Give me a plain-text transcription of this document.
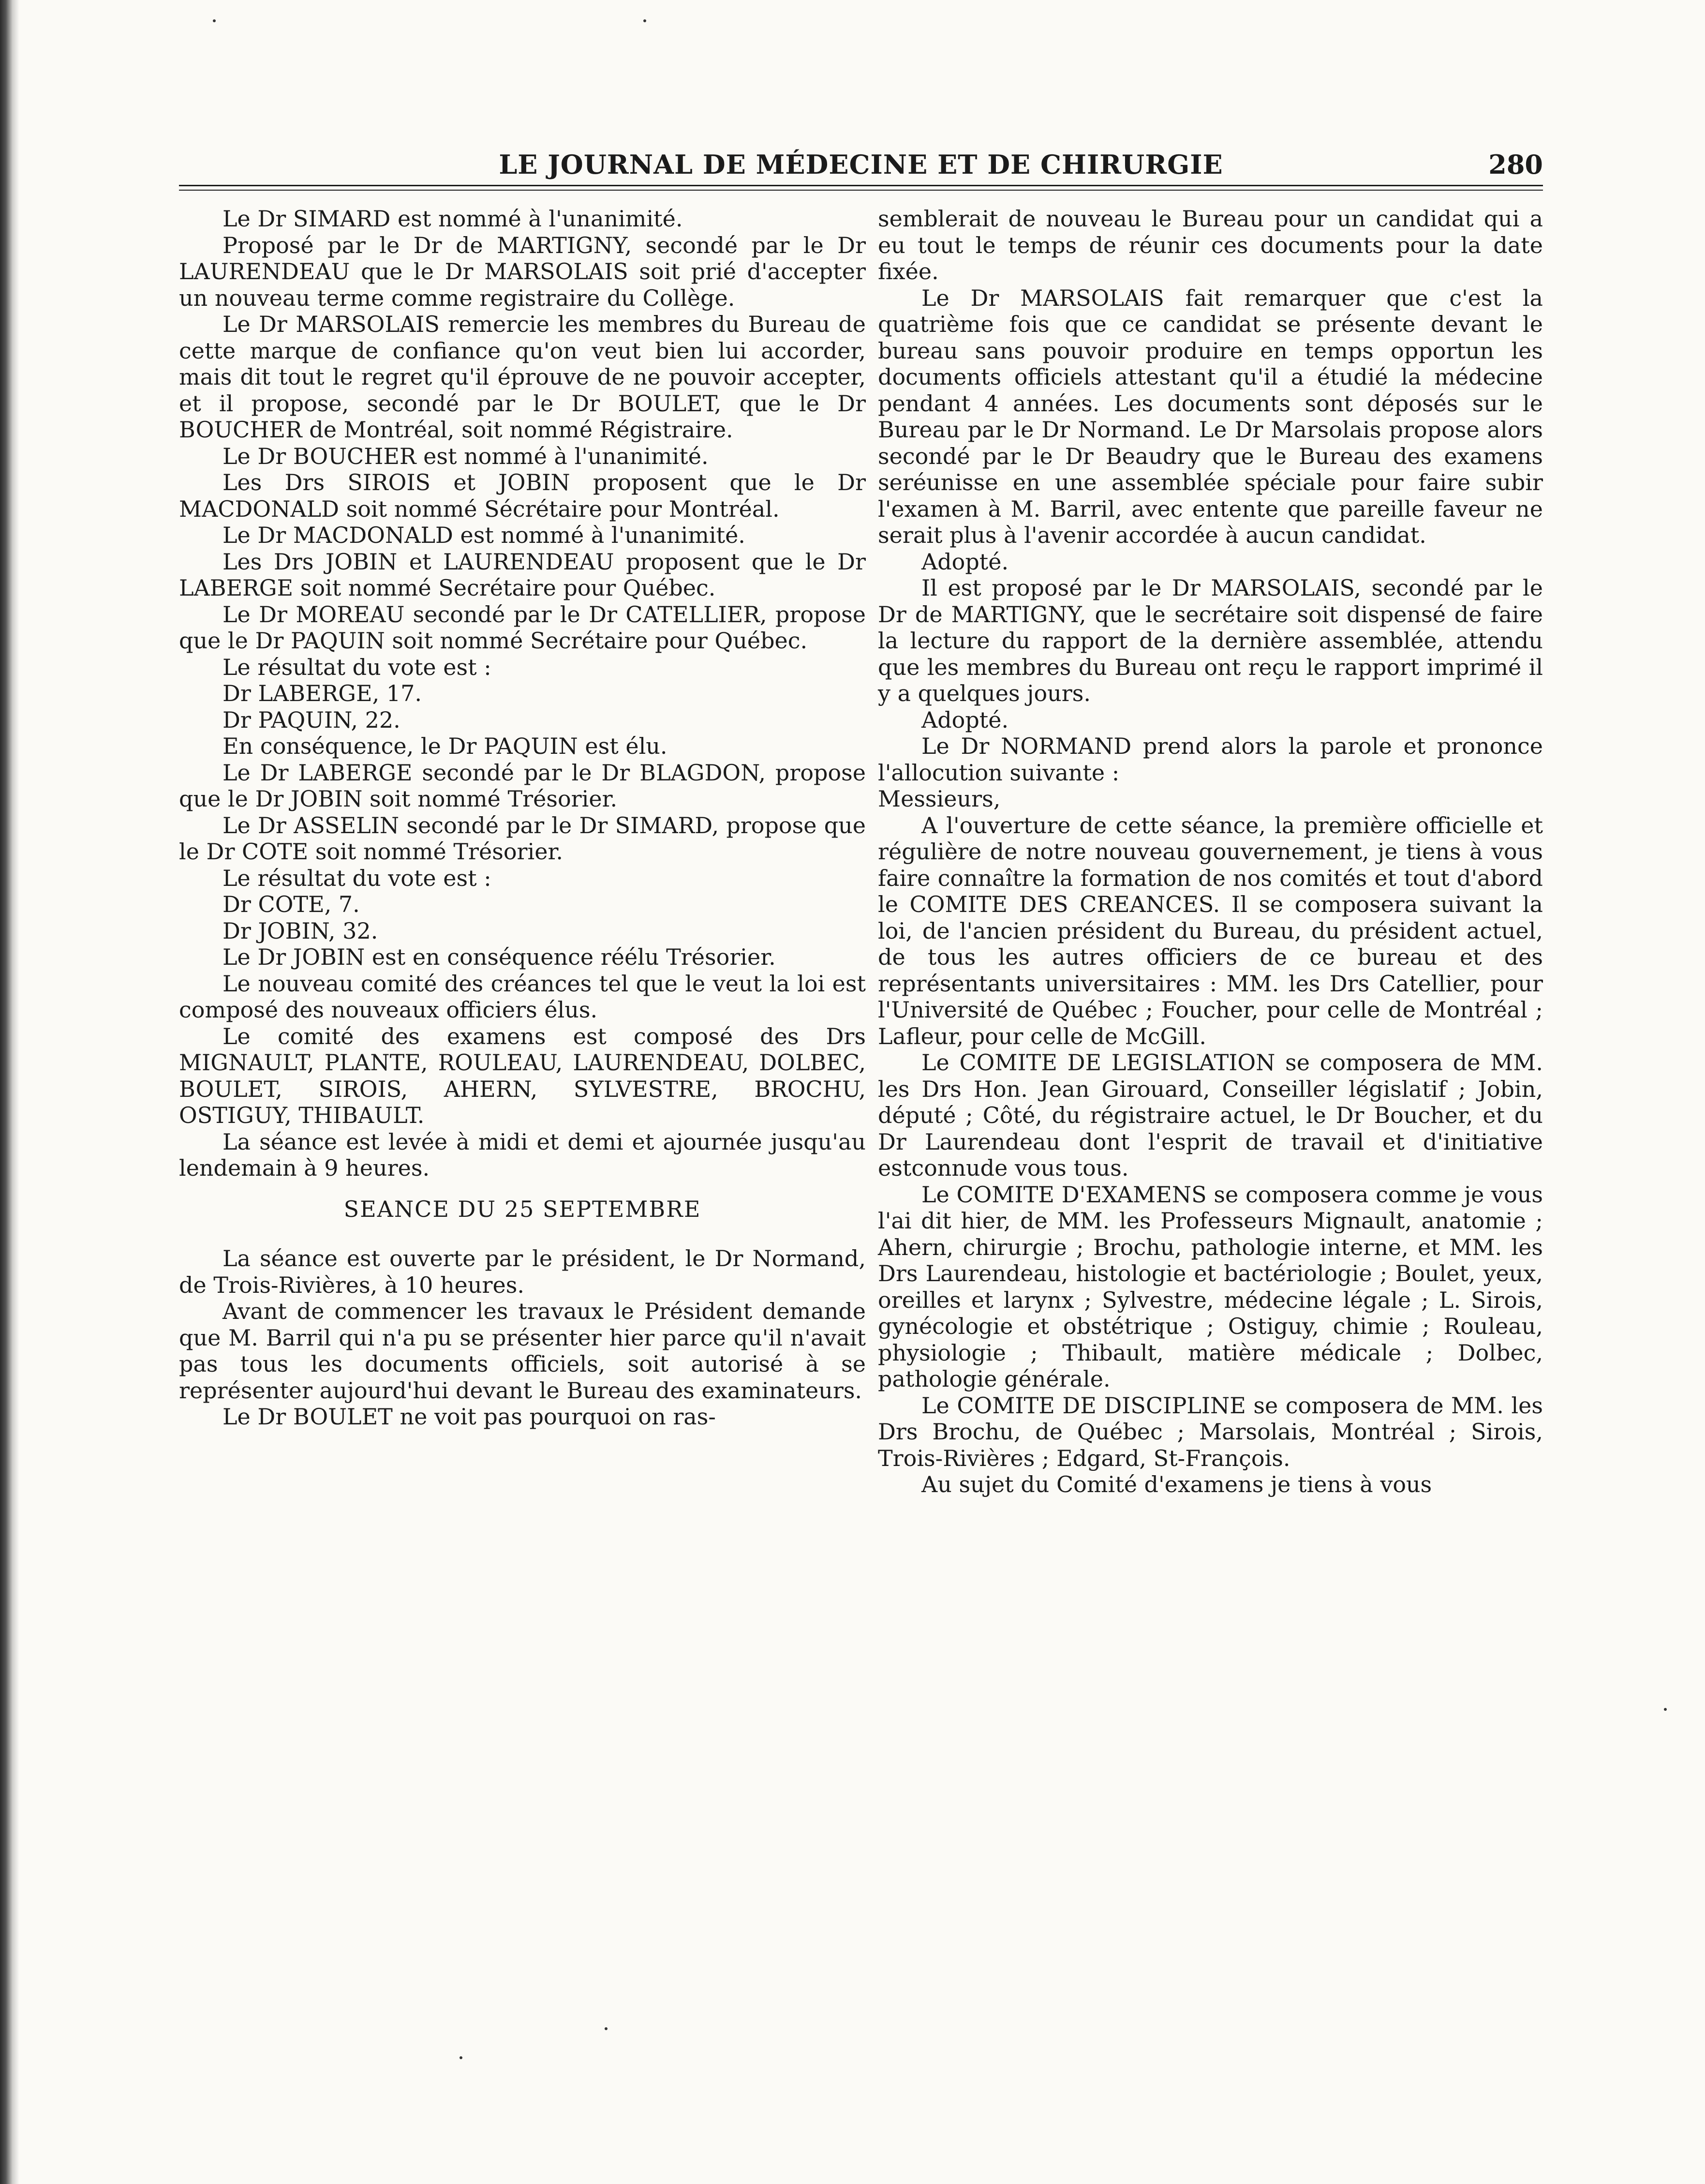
LE JOURNAL DE MÉDECINE ET DE CHIRURGIE	280

Le Dr SIMARD est nommé à l'unanimité.

Proposé par le Dr de MARTIGNY, secondé par le Dr LAURENDEAU que le Dr MARSOLAIS soit prié d'accepter un nouveau terme comme registraire du Collège.

Le Dr MARSOLAIS remercie les membres du Bureau de cette marque de confiance qu'on veut bien lui accorder, mais dit tout le regret qu'il éprouve de ne pouvoir accepter, et il propose, secondé par le Dr BOULET, que le Dr BOUCHER de Montréal, soit nommé Régistraire.

Le Dr BOUCHER est nommé à l'unanimité.

Les Drs SIROIS et JOBIN proposent que le Dr MACDONALD soit nommé Sécrétaire pour Montréal.

Le Dr MACDONALD est nommé à l'unanimité.

Les Drs JOBIN et LAURENDEAU proposent que le Dr LABERGE soit nommé Secrétaire pour Québec.

Le Dr MOREAU secondé par le Dr CATELLIER, propose que le Dr PAQUIN soit nommé Secrétaire pour Québec.

Le résultat du vote est :

Dr LABERGE, 17.

Dr PAQUIN, 22.

En conséquence, le Dr PAQUIN est élu.

Le Dr LABERGE secondé par le Dr BLAGDON, propose que le Dr JOBIN soit nommé Trésorier.

Le Dr ASSELIN secondé par le Dr SIMARD, propose que le Dr COTE soit nommé Trésorier.

Le résultat du vote est :

Dr COTE, 7.

Dr JOBIN, 32.

Le Dr JOBIN est en conséquence réélu Trésorier.

Le nouveau comité des créances tel que le veut la loi est composé des nouveaux officiers élus.

Le comité des examens est composé des Drs MIGNAULT, PLANTE, ROULEAU, LAURENDEAU, DOLBEC, BOULET, SIROIS, AHERN, SYLVESTRE, BROCHU, OSTIGUY, THIBAULT.

La séance est levée à midi et demi et ajournée jusqu'au lendemain à 9 heures.

SEANCE DU 25 SEPTEMBRE

La séance est ouverte par le président, le Dr Normand, de Trois-Rivières, à 10 heures.

Avant de commencer les travaux le Président demande que M. Barril qui n'a pu se présenter hier parce qu'il n'avait pas tous les documents officiels, soit autorisé à se représenter aujourd'hui devant le Bureau des examinateurs.

Le Dr BOULET ne voit pas pourquoi on ras-

semblerait de nouveau le Bureau pour un candidat qui a eu tout le temps de réunir ces documents pour la date fixée.

Le Dr MARSOLAIS fait remarquer que c'est la quatrième fois que ce candidat se présente devant le bureau sans pouvoir produire en temps opportun les documents officiels attestant qu'il a étudié la médecine pendant 4 années. Les documents sont déposés sur le Bureau par le Dr Normand. Le Dr Marsolais propose alors secondé par le Dr Beaudry que le Bureau des examens seréunisse en une assemblée spéciale pour faire subir l'examen à M. Barril, avec entente que pareille faveur ne serait plus à l'avenir accordée à aucun candidat.

Adopté.

Il est proposé par le Dr MARSOLAIS, secondé par le Dr de MARTIGNY, que le secrétaire soit dispensé de faire la lecture du rapport de la dernière assemblée, attendu que les membres du Bureau ont reçu le rapport imprimé il y a quelques jours.

Adopté.

Le Dr NORMAND prend alors la parole et prononce l'allocution suivante :

Messieurs,

A l'ouverture de cette séance, la première officielle et régulière de notre nouveau gouvernement, je tiens à vous faire connaître la formation de nos comités et tout d'abord le COMITE DES CREANCES. Il se composera suivant la loi, de l'ancien président du Bureau, du président actuel, de tous les autres officiers de ce bureau et des représentants universitaires : MM. les Drs Catellier, pour l'Université de Québec ; Foucher, pour celle de Montréal ; Lafleur, pour celle de McGill.

Le COMITE DE LEGISLATION se composera de MM. les Drs Hon. Jean Girouard, Conseiller législatif ; Jobin, député ; Côté, du régistraire actuel, le Dr Boucher, et du Dr Laurendeau dont l'esprit de travail et d'initiative estconnude vous tous.

Le COMITE D'EXAMENS se composera comme je vous l'ai dit hier, de MM. les Professeurs Mignault, anatomie ; Ahern, chirurgie ; Brochu, pathologie interne, et MM. les Drs Laurendeau, histologie et bactériologie ; Boulet, yeux, oreilles et larynx ; Sylvestre, médecine légale ; L. Sirois, gynécologie et obstétrique ; Ostiguy, chimie ; Rouleau, physiologie ; Thibault, matière médicale ; Dolbec, pathologie générale.

Le COMITE DE DISCIPLINE se composera de MM. les Drs Brochu, de Québec ; Marsolais, Montréal ; Sirois, Trois-Rivières ; Edgard, St-François.

Au sujet du Comité d'examens je tiens à vous
